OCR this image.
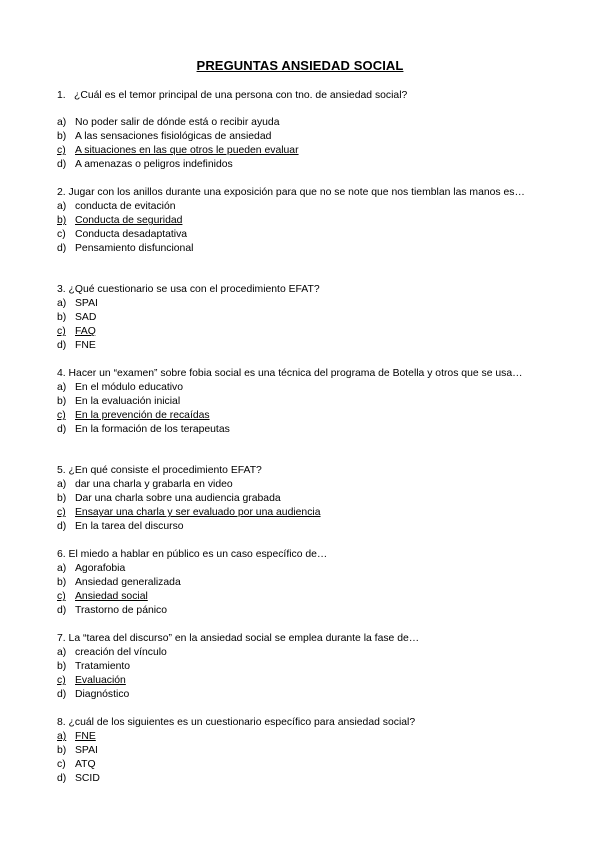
PREGUNTAS ANSIEDAD SOCIAL

1. ¿Cuál es el temor principal de una persona con tno. de ansiedad social?

a) No poder salir de dónde está o recibir ayuda
b) A las sensaciones fisiológicas de ansiedad
c) A situaciones en las que otros le pueden evaluar
d) A amenazas o peligros indefinidos

2. Jugar con los anillos durante una exposición para que no se note que nos tiemblan las manos es…

a) conducta de evitación
b) Conducta de seguridad
c) Conducta desadaptativa
d) Pensamiento disfuncional

3. ¿Qué cuestionario se usa con el procedimiento EFAT?

a) SPAI
b) SAD
c) FAQ
d) FNE

4. Hacer un “examen” sobre fobia social es una técnica del programa de Botella y otros que se usa…

a) En el módulo educativo
b) En la evaluación inicial
c) En la prevención de recaídas
d) En la formación de los terapeutas

5. ¿En qué consiste el procedimiento EFAT?

a) dar una charla y grabarla en video
b) Dar una charla sobre una audiencia grabada
c) Ensayar una charla y ser evaluado por una audiencia
d) En la tarea del discurso

6. El miedo a hablar en público es un caso específico de…

a) Agorafobia
b) Ansiedad generalizada
c) Ansiedad social
d) Trastorno de pánico

7. La “tarea del discurso” en la ansiedad social se emplea durante la fase de…

a) creación del vínculo
b) Tratamiento
c) Evaluación
d) Diagnóstico

8. ¿cuál de los siguientes es un cuestionario específico para ansiedad social?

a) FNE
b) SPAI
c) ATQ
d) SCID
